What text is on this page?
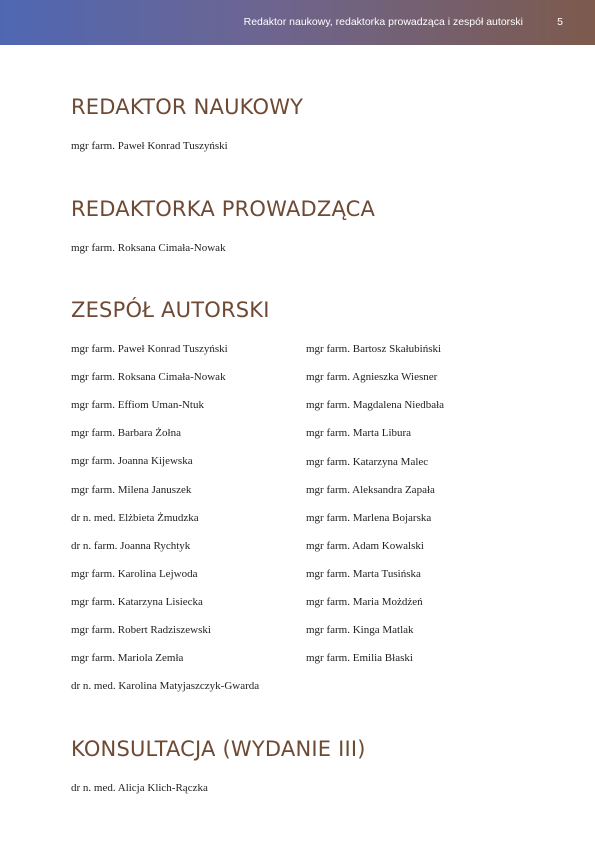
Redaktor naukowy, redaktorka prowadząca i zespół autorski	5
REDAKTOR NAUKOWY
mgr farm. Paweł Konrad Tuszyński
REDAKTORKA PROWADZĄCA
mgr farm. Roksana Cimała-Nowak
ZESPÓŁ AUTORSKI
mgr farm. Paweł Konrad Tuszyński
mgr farm. Roksana Cimała-Nowak
mgr farm. Effiom Uman-Ntuk
mgr farm. Barbara Żołna
mgr farm. Joanna Kijewska
mgr farm. Milena Januszek
dr n. med. Elżbieta Żmudzka
dr n. farm. Joanna Rychtyk
mgr farm. Karolina Lejwoda
mgr farm. Katarzyna Lisiecka
mgr farm. Robert Radziszewski
mgr farm. Mariola Zemła
dr n. med. Karolina Matyjaszczyk-Gwarda
mgr farm. Bartosz Skałubiński
mgr farm. Agnieszka Wiesner
mgr farm. Magdalena Niedbała
mgr farm. Marta Libura
mgr farm. Katarzyna Malec
mgr farm. Aleksandra Zapała
mgr farm. Marlena Bojarska
mgr farm. Adam Kowalski
mgr farm. Marta Tusińska
mgr farm. Maria Możdżeń
mgr farm. Kinga Matlak
mgr farm. Emilia Błaski
KONSULTACJA (WYDANIE III)
dr n. med. Alicja Klich-Rączka
